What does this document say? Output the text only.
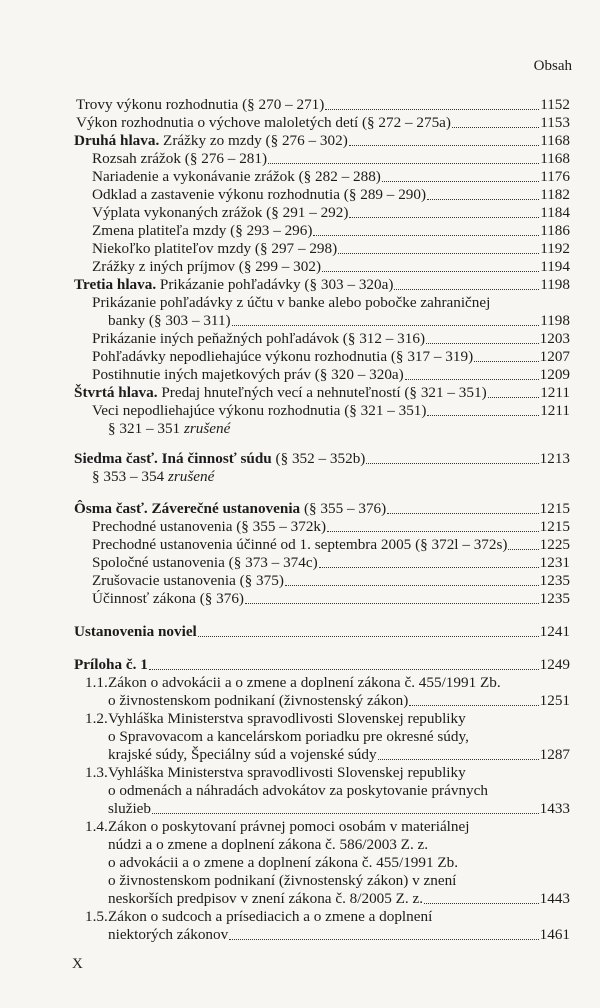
Obsah
Trovy výkonu rozhodnutia (§ 270 – 271)	1152
Výkon rozhodnutia o výchove maloletých detí (§ 272 – 275a)	1153
Druhá hlava. Zrážky zo mzdy (§ 276 – 302)	1168
Rozsah zrážok (§ 276 – 281)	1168
Nariadenie a vykonávanie zrážok (§ 282 – 288)	1176
Odklad a zastavenie výkonu rozhodnutia (§ 289 – 290)	1182
Výplata vykonaných zrážok (§ 291 – 292)	1184
Zmena platiteľa mzdy (§ 293 – 296)	1186
Niekoľko platiteľov mzdy (§ 297 – 298)	1192
Zrážky z iných príjmov (§ 299 – 302)	1194
Tretia hlava. Prikázanie pohľadávky (§ 303 – 320a)	1198
Prikázanie pohľadávky z účtu v banke alebo pobočke zahraničnej
banky (§ 303 – 311)	1198
Prikázanie iných peňažných pohľadávok (§ 312 – 316)	1203
Pohľadávky nepodliehajúce výkonu rozhodnutia (§ 317 – 319)	1207
Postihnutie iných majetkových práv (§ 320 – 320a)	1209
Štvrtá hlava. Predaj hnuteľných vecí a nehnuteľností (§ 321 – 351)	1211
Veci nepodliehajúce výkonu rozhodnutia (§ 321 – 351)	1211
§ 321 – 351 zrušené
Siedma časť. Iná činnosť súdu (§ 352 – 352b)	1213
§ 353 – 354 zrušené
Ôsma časť. Záverečné ustanovenia (§ 355 – 376)	1215
Prechodné ustanovenia (§ 355 – 372k)	1215
Prechodné ustanovenia účinné od 1. septembra 2005 (§ 372l – 372s) 1225
Spoločné ustanovenia (§ 373 – 374c)	1231
Zrušovacie ustanovenia (§ 375)	1235
Účinnosť zákona (§ 376)	1235
Ustanovenia noviel	1241
Príloha č. 1	1249
1.1. Zákon o advokácii a o zmene a doplnení zákona č. 455/1991 Zb.
o živnostenskom podnikaní (živnostenský zákon)	1251
1.2. Vyhláška Ministerstva spravodlivosti Slovenskej republiky
o Spravovacom a kancelárskom poriadku pre okresné súdy,
krajské súdy, Špeciálny súd a vojenské súdy	1287
1.3. Vyhláška Ministerstva spravodlivosti Slovenskej republiky
o odmenách a náhradách advokátov za poskytovanie právnych
služieb	1433
1.4. Zákon o poskytovaní právnej pomoci osobám v materiálnej
núdzi a o zmene a doplnení zákona č. 586/2003 Z. z.
o advokácii a o zmene a doplnení zákona č. 455/1991 Zb.
o živnostenskom podnikaní (živnostenský zákon) v znení
neskorších predpisov v znení zákona č. 8/2005 Z. z.	1443
1.5. Zákon o sudcoch a prísediacich a o zmene a doplnení
niektorých zákonov	1461
X
